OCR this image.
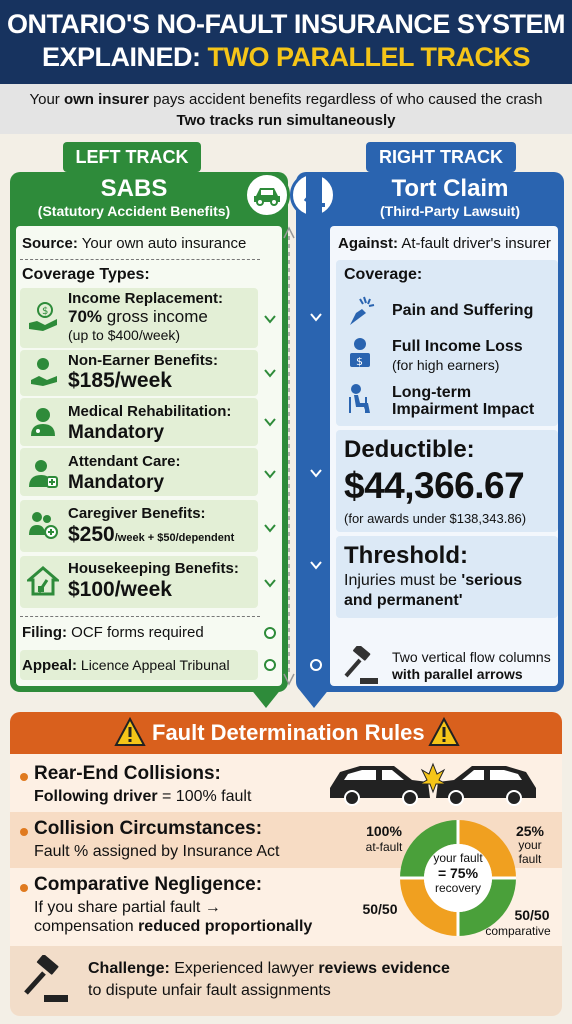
ONTARIO'S NO-FAULT INSURANCE SYSTEM
EXPLAINED: TWO PARALLEL TRACKS
Your own insurer pays accident benefits regardless of who caused the crash
Two tracks run simultaneously
LEFT TRACK	RIGHT TRACK
SABS
(Statutory Accident Benefits)
Source: Your own auto insurance
Coverage Types:
$
Income Replacement:
70% gross income
(up to $400/week)
Non-Earner Benefits:
$185/week
Medical Rehabilitation:
Mandatory
Attendant Care:
Mandatory
Caregiver Benefits:
$250/week + $50/dependent
Housekeeping Benefits:
$100/week
Filing: OCF forms required
Appeal: Licence Appeal Tribunal
Tort Claim
(Third-Party Lawsuit)
Against: At-fault driver's insurer
Coverage:
Pain and Suffering
$
Full Income Loss
(for high earners)
Long-term
Impairment Impact
Deductible:
$44,366.67
(for awards under $138,343.86)
Threshold:
Injuries must be 'serious
and permanent'
Two vertical flow columns
with parallel arrows
Fault Determination Rules
Rear-End Collisions:
Following driver = 100% fault
Collision Circumstances:
Fault % assigned by Insurance Act
Comparative Negligence:
If you share partial fault →
compensation reduced proportionally
your fault
= 75%
recovery
100%
at-fault
25%
your
fault
50/50	50/50
comparative
Challenge: Experienced lawyer reviews evidence
to dispute unfair fault assignments
